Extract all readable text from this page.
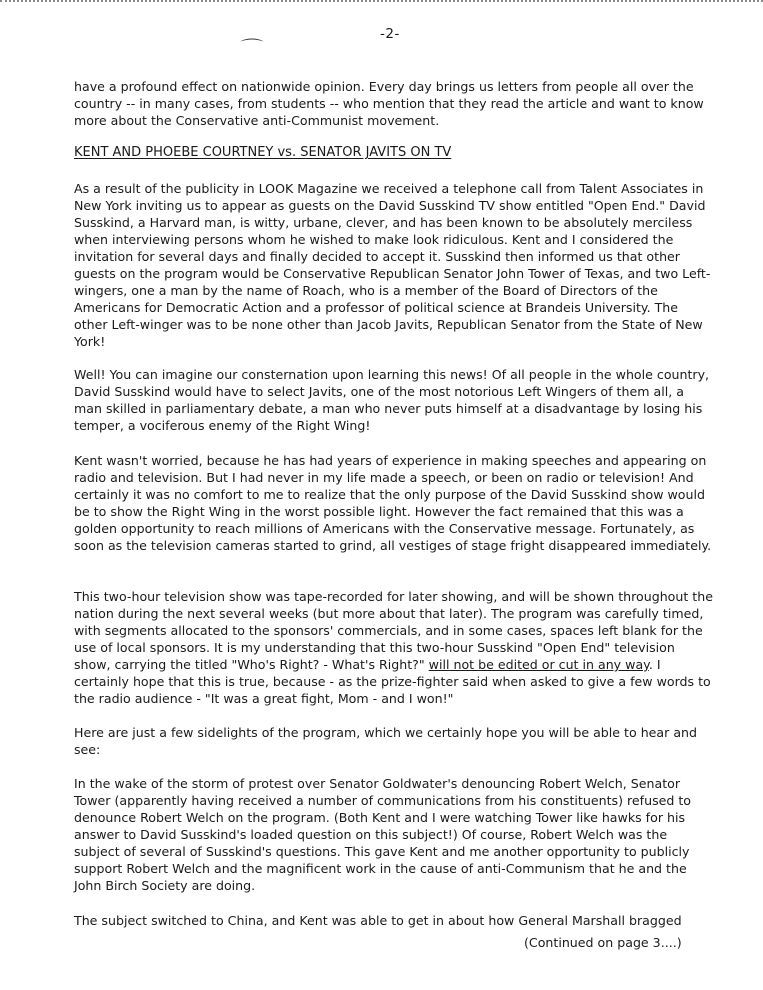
⌒
-2-

have a profound effect on nationwide opinion. Every day brings us letters from people all over the country -- in many cases, from students -- who mention that they read the article and want to know more about the Conservative anti-Communist movement.

KENT AND PHOEBE COURTNEY vs. SENATOR JAVITS ON TV

As a result of the publicity in LOOK Magazine we received a telephone call from Talent Associates in New York inviting us to appear as guests on the David Susskind TV show entitled "Open End." David Susskind, a Harvard man, is witty, urbane, clever, and has been known to be absolutely merciless when interviewing persons whom he wished to make look ridiculous. Kent and I considered the invitation for several days and finally decided to accept it. Susskind then informed us that other guests on the program would be Conservative Republican Senator John Tower of Texas, and two Left-wingers, one a man by the name of Roach, who is a member of the Board of Directors of the Americans for Democratic Action and a professor of political science at Brandeis University. The other Left-winger was to be none other than Jacob Javits, Republican Senator from the State of New York!

Well! You can imagine our consternation upon learning this news! Of all people in the whole country, David Susskind would have to select Javits, one of the most notorious Left Wingers of them all, a man skilled in parliamentary debate, a man who never puts himself at a disadvantage by losing his temper, a vociferous enemy of the Right Wing!

Kent wasn't worried, because he has had years of experience in making speeches and appearing on radio and television. But I had never in my life made a speech, or been on radio or television! And certainly it was no comfort to me to realize that the only purpose of the David Susskind show would be to show the Right Wing in the worst possible light. However the fact remained that this was a golden opportunity to reach millions of Americans with the Conservative message. Fortunately, as soon as the television cameras started to grind, all vestiges of stage fright disappeared immediately.

This two-hour television show was tape-recorded for later showing, and will be shown throughout the nation during the next several weeks (but more about that later). The program was carefully timed, with segments allocated to the sponsors' commercials, and in some cases, spaces left blank for the use of local sponsors. It is my understanding that this two-hour Susskind "Open End" television show, carrying the titled "Who's Right? - What's Right?" will not be edited or cut in any way. I certainly hope that this is true, because - as the prize-fighter said when asked to give a few words to the radio audience - "It was a great fight, Mom - and I won!"

Here are just a few sidelights of the program, which we certainly hope you will be able to hear and see:

In the wake of the storm of protest over Senator Goldwater's denouncing Robert Welch, Senator Tower (apparently having received a number of communications from his constituents) refused to denounce Robert Welch on the program. (Both Kent and I were watching Tower like hawks for his answer to David Susskind's loaded question on this subject!) Of course, Robert Welch was the subject of several of Susskind's questions. This gave Kent and me another opportunity to publicly support Robert Welch and the magnificent work in the cause of anti-Communism that he and the John Birch Society are doing.

The subject switched to China, and Kent was able to get in about how General Marshall bragged

(Continued on page 3....)
